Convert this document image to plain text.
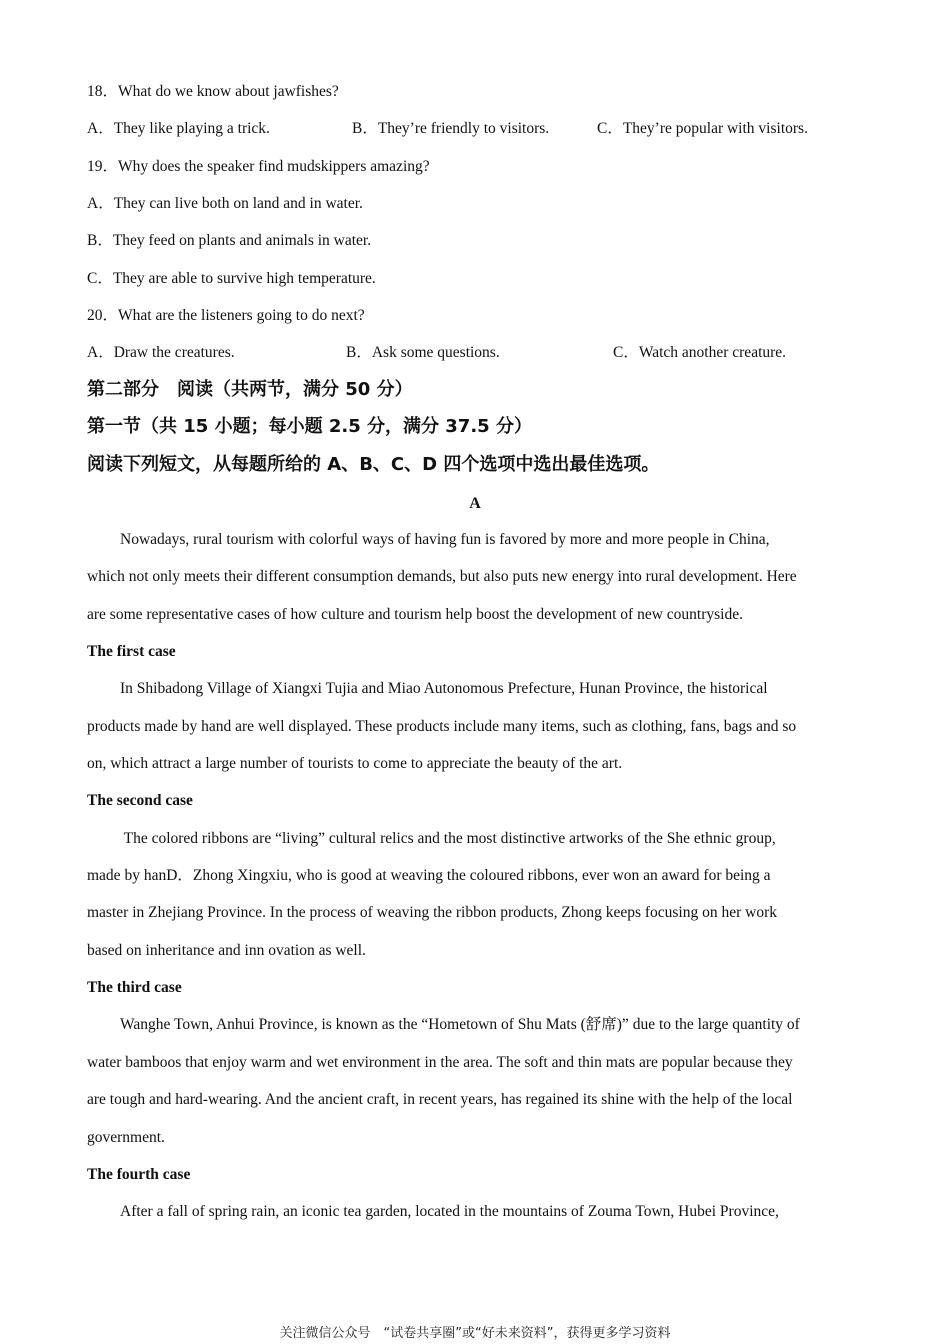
18．What do we know about jawfishes?
A．They like playing a trick.	B．They’re friendly to visitors.	C．They’re popular with visitors.
19．Why does the speaker find mudskippers amazing?
A．They can live both on land and in water.
B．They feed on plants and animals in water.
C．They are able to survive high temperature.
20．What are the listeners going to do next?
A．Draw the creatures.	B．Ask some questions.	C．Watch another creature.
第二部分　阅读（共两节，满分 50 分）
第一节（共 15 小题；每小题 2.5 分，满分 37.5 分）
阅读下列短文，从每题所给的 A、B、C、D 四个选项中选出最佳选项。
A
Nowadays, rural tourism with colorful ways of having fun is favored by more and more people in China,
which not only meets their different consumption demands, but also puts new energy into rural development. Here
are some representative cases of how culture and tourism help boost the development of new countryside.
The first case
In Shibadong Village of Xiangxi Tujia and Miao Autonomous Prefecture, Hunan Province, the historical
products made by hand are well displayed. These products include many items, such as clothing, fans, bags and so
on, which attract a large number of tourists to come to appreciate the beauty of the art.
The second case
The colored ribbons are “living” cultural relics and the most distinctive artworks of the She ethnic group,
made by hanD．Zhong Xingxiu, who is good at weaving the coloured ribbons, ever won an award for being a
master in Zhejiang Province. In the process of weaving the ribbon products, Zhong keeps focusing on her work
based on inheritance and inn ovation as well.
The third case
Wanghe Town, Anhui Province, is known as the “Hometown of Shu Mats (舒席)” due to the large quantity of
water bamboos that enjoy warm and wet environment in the area. The soft and thin mats are popular because they
are tough and hard-wearing. And the ancient craft, in recent years, has regained its shine with the help of the local
government.
The fourth case
After a fall of spring rain, an iconic tea garden, located in the mountains of Zouma Town, Hubei Province,
关注微信公众号　“试卷共享圈”或“好未来资料”，获得更多学习资料
